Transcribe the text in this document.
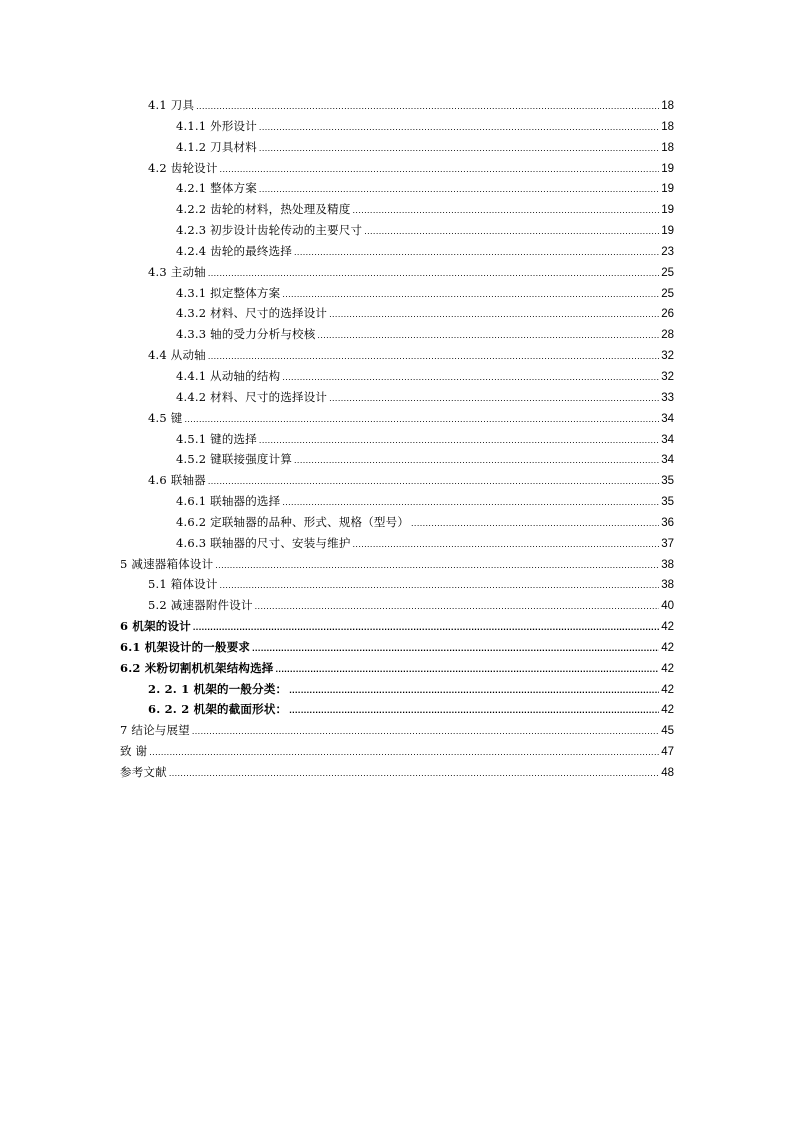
4.1 刀具 .....	18
4.1.1 外形设计 .....	18
4.1.2 刀具材料 .....	18
4.2 齿轮设计 .....	19
4.2.1 整体方案 .....	19
4.2.2 齿轮的材料，热处理及精度 .....	19
4.2.3 初步设计齿轮传动的主要尺寸 .....	19
4.2.4 齿轮的最终选择 .....	23
4.3 主动轴 .....	25
4.3.1 拟定整体方案 .....	25
4.3.2 材料、尺寸的选择设计 .....	26
4.3.3 轴的受力分析与校核 .....	28
4.4 从动轴 .....	32
4.4.1 从动轴的结构 .....	32
4.4.2 材料、尺寸的选择设计 .....	33
4.5 键 .....	34
4.5.1 键的选择 .....	34
4.5.2 键联接强度计算 .....	34
4.6 联轴器 .....	35
4.6.1 联轴器的选择 .....	35
4.6.2 定联轴器的品种、形式、规格（型号） .....	36
4.6.3 联轴器的尺寸、安装与维护 .....	37
5 减速器箱体设计 .....	38
5.1 箱体设计 .....	38
5.2 减速器附件设计 .....	40
6 机架的设计 .....	42
6.1 机架设计的一般要求 .....	42
6.2 米粉切割机机架结构选择 .....	42
2. 2. 1 机架的一般分类： .....	42
6. 2. 2 机架的截面形状： .....	42
7 结论与展望 .....	45
致 谢 .....	47
参考文献 .....	48
